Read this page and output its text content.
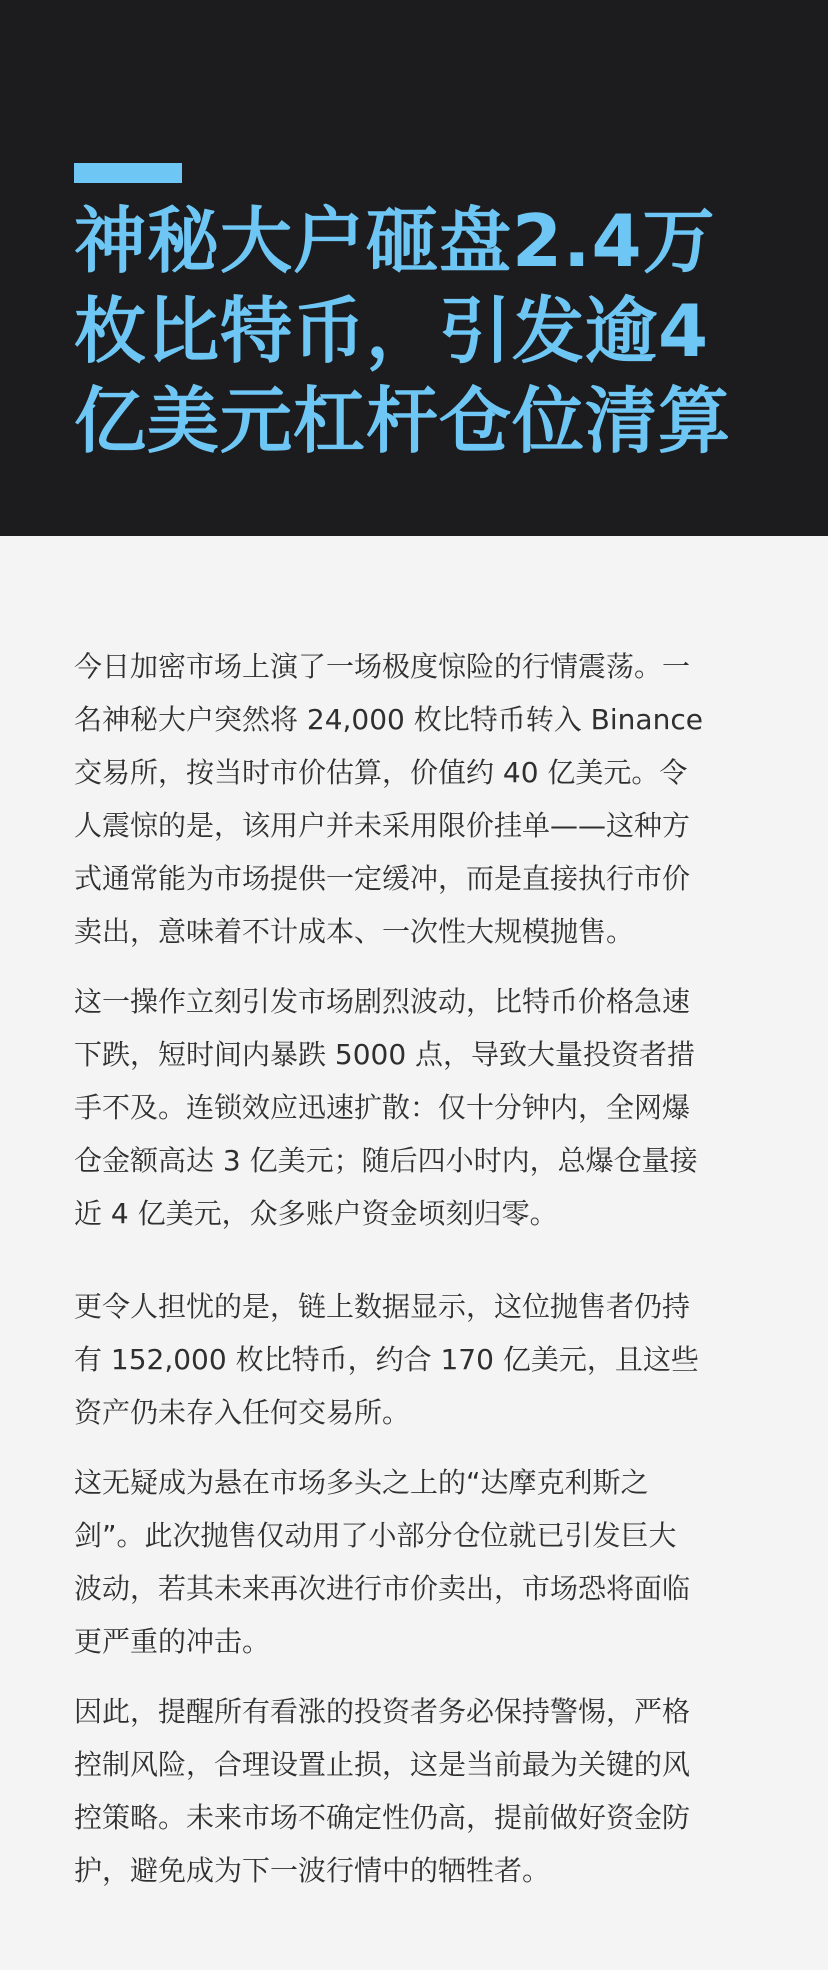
神秘大户砸盘2.4万
枚比特币，引发逾4
亿美元杠杆仓位清算

今日加密市场上演了一场极度惊险的行情震荡。一
名神秘大户突然将 24,000 枚比特币转入 Binance
交易所，按当时市价估算，价值约 40 亿美元。令
人震惊的是，该用户并未采用限价挂单——这种方
式通常能为市场提供一定缓冲，而是直接执行市价
卖出，意味着不计成本、一次性大规模抛售。

这一操作立刻引发市场剧烈波动，比特币价格急速
下跌，短时间内暴跌 5000 点，导致大量投资者措
手不及。连锁效应迅速扩散：仅十分钟内，全网爆
仓金额高达 3 亿美元；随后四小时内，总爆仓量接
近 4 亿美元，众多账户资金顷刻归零。

更令人担忧的是，链上数据显示，这位抛售者仍持
有 152,000 枚比特币，约合 170 亿美元，且这些
资产仍未存入任何交易所。

这无疑成为悬在市场多头之上的“达摩克利斯之
剑”。此次抛售仅动用了小部分仓位就已引发巨大
波动，若其未来再次进行市价卖出，市场恐将面临
更严重的冲击。

因此，提醒所有看涨的投资者务必保持警惕，严格
控制风险，合理设置止损，这是当前最为关键的风
控策略。未来市场不确定性仍高，提前做好资金防
护，避免成为下一波行情中的牺牲者。
